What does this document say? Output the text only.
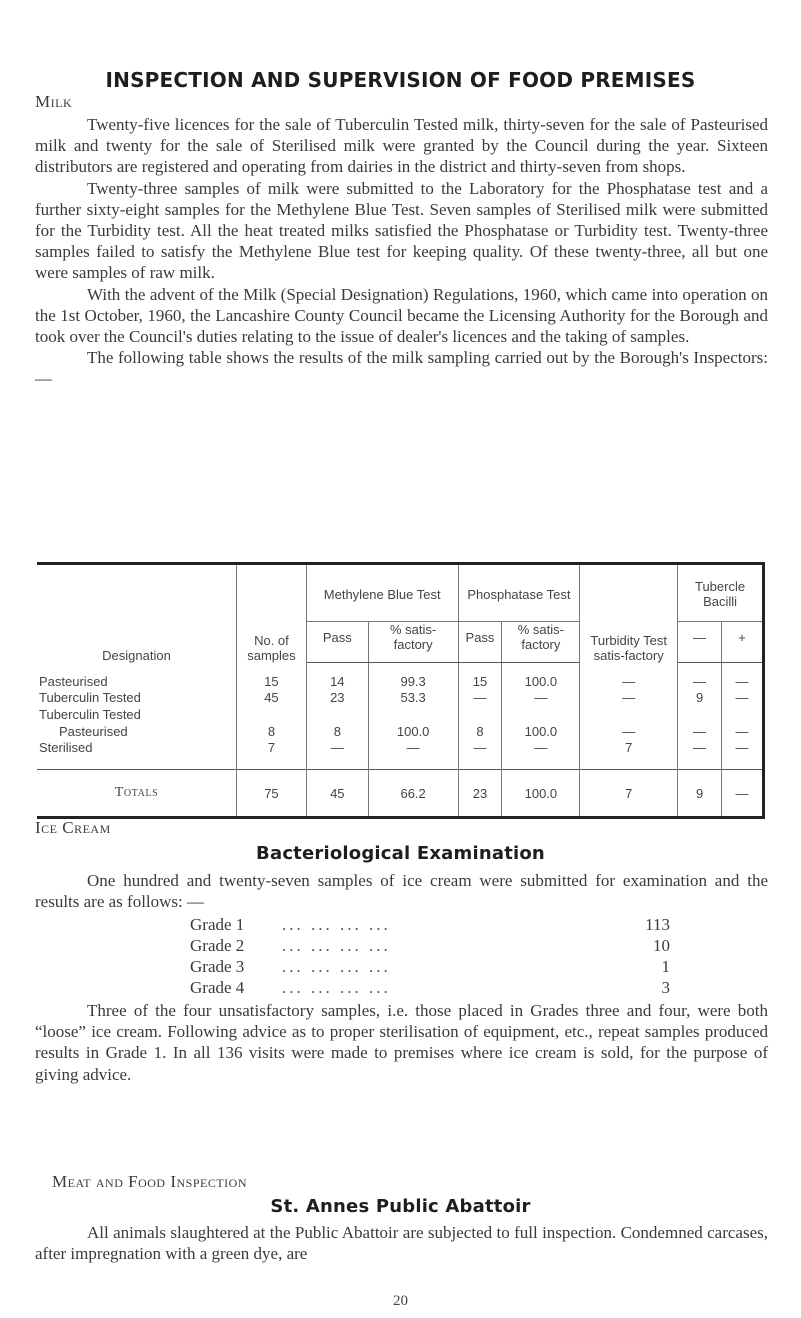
INSPECTION AND SUPERVISION OF FOOD PREMISES
Milk

Twenty-five licences for the sale of Tuberculin Tested milk, thirty-seven for the sale of Pasteurised milk and twenty for the sale of Sterilised milk were granted by the Council during the year. Sixteen distributors are registered and operating from dairies in the district and thirty-seven from shops.

Twenty-three samples of milk were submitted to the Laboratory for the Phosphatase test and a further sixty-eight samples for the Methylene Blue Test. Seven samples of Sterilised milk were submitted for the Turbidity test. All the heat treated milks satisfied the Phosphatase or Turbidity test. Twenty-three samples failed to satisfy the Methylene Blue test for keeping quality. Of these twenty-three, all but one were samples of raw milk.

With the advent of the Milk (Special Designation) Regulations, 1960, which came into operation on the 1st October, 1960, the Lancashire County Council became the Licensing Authority for the Borough and took over the Council's duties relating to the issue of dealer's licences and the taking of samples.

The following table shows the results of the milk sampling carried out by the Borough's Inspectors: —

Designation	No. of samples	Methylene Blue Test		Phosphatase Test		Turbidity Test satis-factory	Tubercle Bacilli	
		Pass	% satis-factory	Pass	% satis-factory		—	+
Pasteurised	15	14	99.3	15	100.0	—	—	—
Tuberculin Tested	45	23	53.3	—	—	—	9	—
Tuberculin Tested								
Pasteurised	8	8	100.0	8	100.0	—	—	—
Sterilised	7	—	—	—	—	7	—	—
Totals	75	45	66.2	23	100.0	7	9	—
Ice Cream
Bacteriological Examination

One hundred and twenty-seven samples of ice cream were submitted for examination and the results are as follows: —

Grade 1	... ... ... ...	113
Grade 2	... ... ... ...	10
Grade 3	... ... ... ...	1
Grade 4	... ... ... ...	3

Three of the four unsatisfactory samples, i.e. those placed in Grades three and four, were both “loose” ice cream. Following advice as to proper sterilisation of equipment, etc., repeat samples produced results in Grade 1. In all 136 visits were made to premises where ice cream is sold, for the purpose of giving advice.

Meat and Food Inspection
St. Annes Public Abattoir

All animals slaughtered at the Public Abattoir are subjected to full inspection. Condemned carcases, after impregnation with a green dye, are

20
